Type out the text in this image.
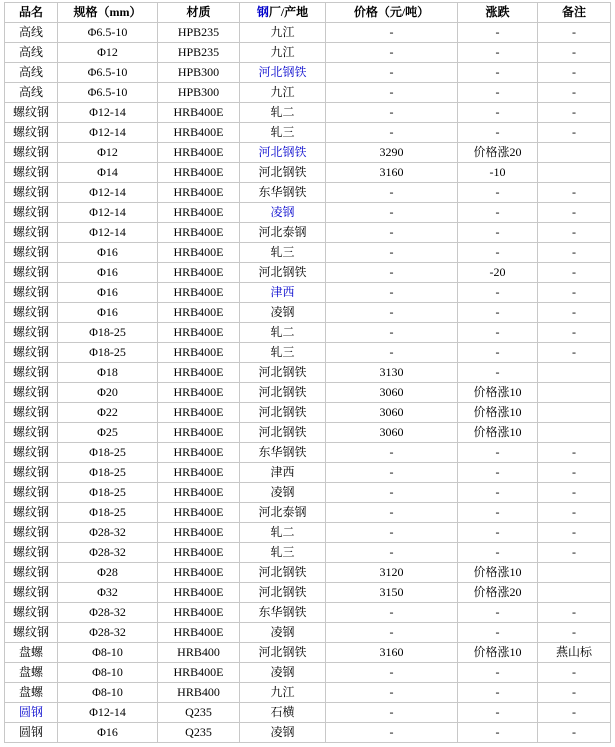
品名	规格（mm）	材质	钢厂/产地	价格（元/吨）	涨跌	备注
高线	Φ6.5-10	HPB235	九江	-	-	-
高线	Φ12	HPB235	九江	-	-	-
高线	Φ6.5-10	HPB300	河北钢铁	-	-	-
高线	Φ6.5-10	HPB300	九江	-	-	-
螺纹钢	Φ12-14	HRB400E	轧二	-	-	-
螺纹钢	Φ12-14	HRB400E	轧三	-	-	-
螺纹钢	Φ12	HRB400E	河北钢铁	3290	价格涨20
螺纹钢	Φ14	HRB400E	河北钢铁	3160	-10
螺纹钢	Φ12-14	HRB400E	东华钢铁	-	-	-
螺纹钢	Φ12-14	HRB400E	凌钢	-	-	-
螺纹钢	Φ12-14	HRB400E	河北泰钢	-	-	-
螺纹钢	Φ16	HRB400E	轧三	-	-	-
螺纹钢	Φ16	HRB400E	河北钢铁	-	-20	-
螺纹钢	Φ16	HRB400E	津西	-	-	-
螺纹钢	Φ16	HRB400E	凌钢	-	-	-
螺纹钢	Φ18-25	HRB400E	轧二	-	-	-
螺纹钢	Φ18-25	HRB400E	轧三	-	-	-
螺纹钢	Φ18	HRB400E	河北钢铁	3130	-
螺纹钢	Φ20	HRB400E	河北钢铁	3060	价格涨10
螺纹钢	Φ22	HRB400E	河北钢铁	3060	价格涨10
螺纹钢	Φ25	HRB400E	河北钢铁	3060	价格涨10
螺纹钢	Φ18-25	HRB400E	东华钢铁	-	-	-
螺纹钢	Φ18-25	HRB400E	津西	-	-	-
螺纹钢	Φ18-25	HRB400E	凌钢	-	-	-
螺纹钢	Φ18-25	HRB400E	河北泰钢	-	-	-
螺纹钢	Φ28-32	HRB400E	轧二	-	-	-
螺纹钢	Φ28-32	HRB400E	轧三	-	-	-
螺纹钢	Φ28	HRB400E	河北钢铁	3120	价格涨10
螺纹钢	Φ32	HRB400E	河北钢铁	3150	价格涨20
螺纹钢	Φ28-32	HRB400E	东华钢铁	-	-	-
螺纹钢	Φ28-32	HRB400E	凌钢	-	-	-
盘螺	Φ8-10	HRB400	河北钢铁	3160	价格涨10	燕山标
盘螺	Φ8-10	HRB400E	凌钢	-	-	-
盘螺	Φ8-10	HRB400	九江	-	-	-
圆钢	Φ12-14	Q235	石横	-	-	-
圆钢	Φ16	Q235	凌钢	-	-	-
